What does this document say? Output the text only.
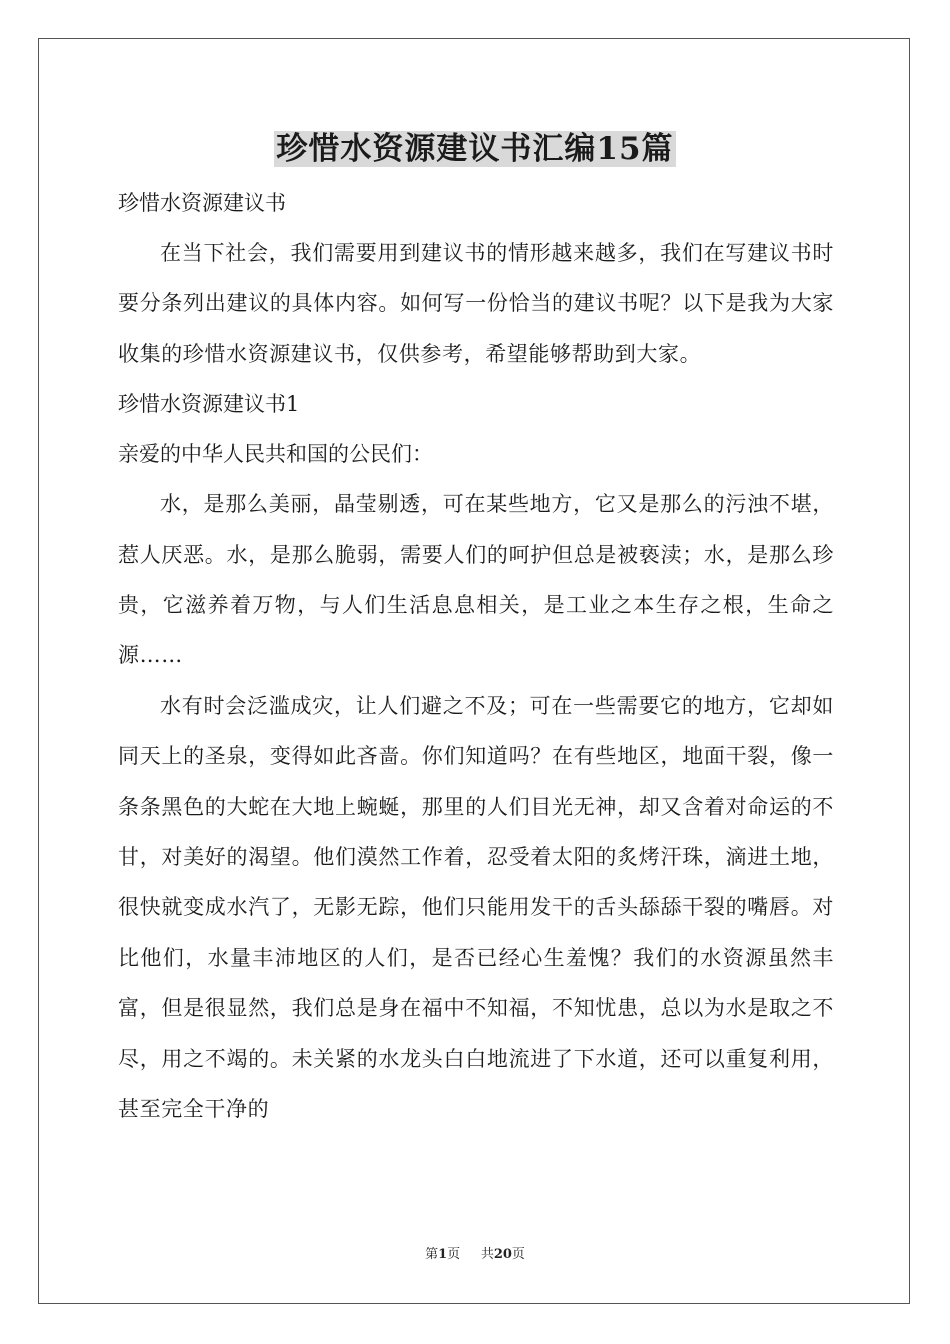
珍惜水资源建议书汇编15篇

珍惜水资源建议书

在当下社会，我们需要用到建议书的情形越来越多，我们在写建议书时要分条列出建议的具体内容。如何写一份恰当的建议书呢？以下是我为大家收集的珍惜水资源建议书，仅供参考，希望能够帮助到大家。

珍惜水资源建议书1

亲爱的中华人民共和国的公民们：

水，是那么美丽，晶莹剔透，可在某些地方，它又是那么的污浊不堪，惹人厌恶。水，是那么脆弱，需要人们的呵护但总是被亵渎；水，是那么珍贵，它滋养着万物，与人们生活息息相关，是工业之本生存之根，生命之源……

水有时会泛滥成灾，让人们避之不及；可在一些需要它的地方，它却如同天上的圣泉，变得如此吝啬。你们知道吗？在有些地区，地面干裂，像一条条黑色的大蛇在大地上蜿蜒，那里的人们目光无神，却又含着对命运的不甘，对美好的渴望。他们漠然工作着，忍受着太阳的炙烤汗珠，滴进土地，很快就变成水汽了，无影无踪，他们只能用发干的舌头舔舔干裂的嘴唇。对比他们，水量丰沛地区的人们，是否已经心生羞愧？我们的水资源虽然丰富，但是很显然，我们总是身在福中不知福，不知忧患，总以为水是取之不尽，用之不竭的。未关紧的水龙头白白地流进了下水道，还可以重复利用，甚至完全干净的

第1页 共20页
